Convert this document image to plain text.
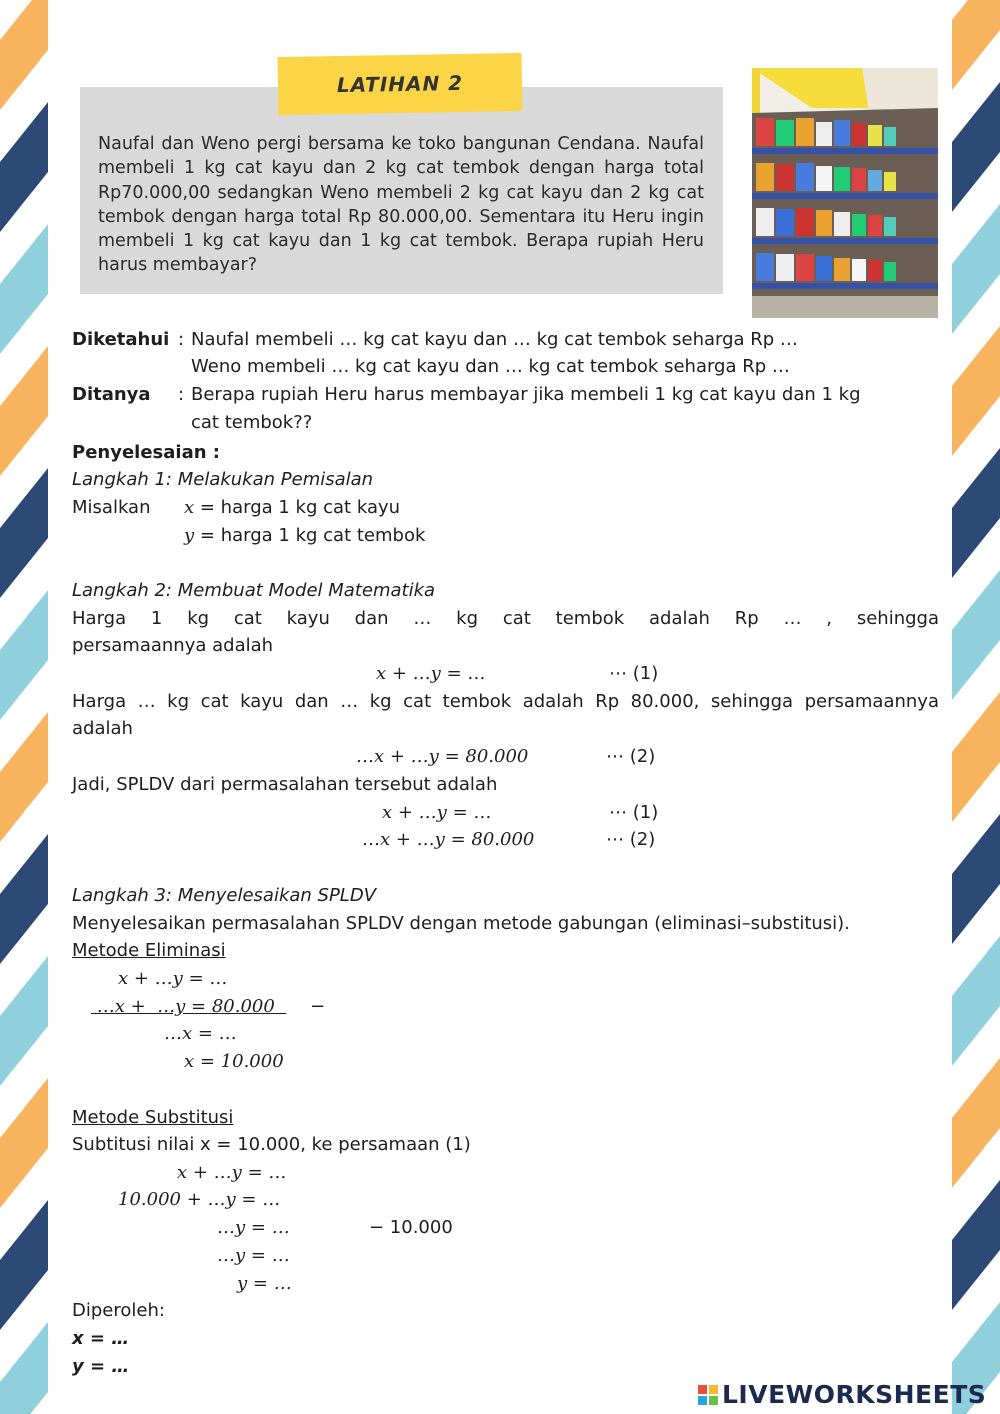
Naufal dan Weno pergi bersama ke toko bangunan Cendana. Naufal membeli 1 kg cat kayu dan 2 kg cat tembok dengan harga total Rp70.000,00 sedangkan Weno membeli 2 kg cat kayu dan 2 kg cat tembok dengan harga total Rp 80.000,00. Sementara itu Heru ingin membeli 1 kg cat kayu dan 1 kg cat tembok. Berapa rupiah Heru harus membayar?
LATIHAN 2
Diketahui : Naufal membeli … kg cat kayu dan … kg cat tembok seharga Rp …
Weno membeli … kg cat kayu dan … kg cat tembok seharga Rp …
Ditanya : Berapa rupiah Heru harus membayar jika membeli 1 kg cat kayu dan 1 kg
cat tembok??
Penyelesaian :
Langkah 1: Melakukan Pemisalan
Misalkan x = harga 1 kg cat kayu
y = harga 1 kg cat tembok
Langkah 2: Membuat Model Matematika
Harga 1 kg cat kayu dan … kg cat tembok adalah Rp … , sehingga
persamaannya adalah
x + …y = …	⋯ (1)
Harga … kg cat kayu dan … kg cat tembok adalah Rp 80.000, sehingga persamaannya
adalah
…x + …y = 80.000	⋯ (2)
Jadi, SPLDV dari permasalahan tersebut adalah
x + …y = …	⋯ (1)
…x + …y = 80.000	⋯ (2)
Langkah 3: Menyelesaikan SPLDV
Menyelesaikan permasalahan SPLDV dengan metode gabungan (eliminasi–substitusi).
Metode Eliminasi
x + …y = …
…x +  …y = 80.000 −
…x = …
x = 10.000
Metode Substitusi
Subtitusi nilai x = 10.000, ke persamaan (1)
x + …y = …
10.000 + …y = …
…y = …	− 10.000
…y = …
y = …
Diperoleh:
x = …
y = …
LIVEWORKSHEETS
